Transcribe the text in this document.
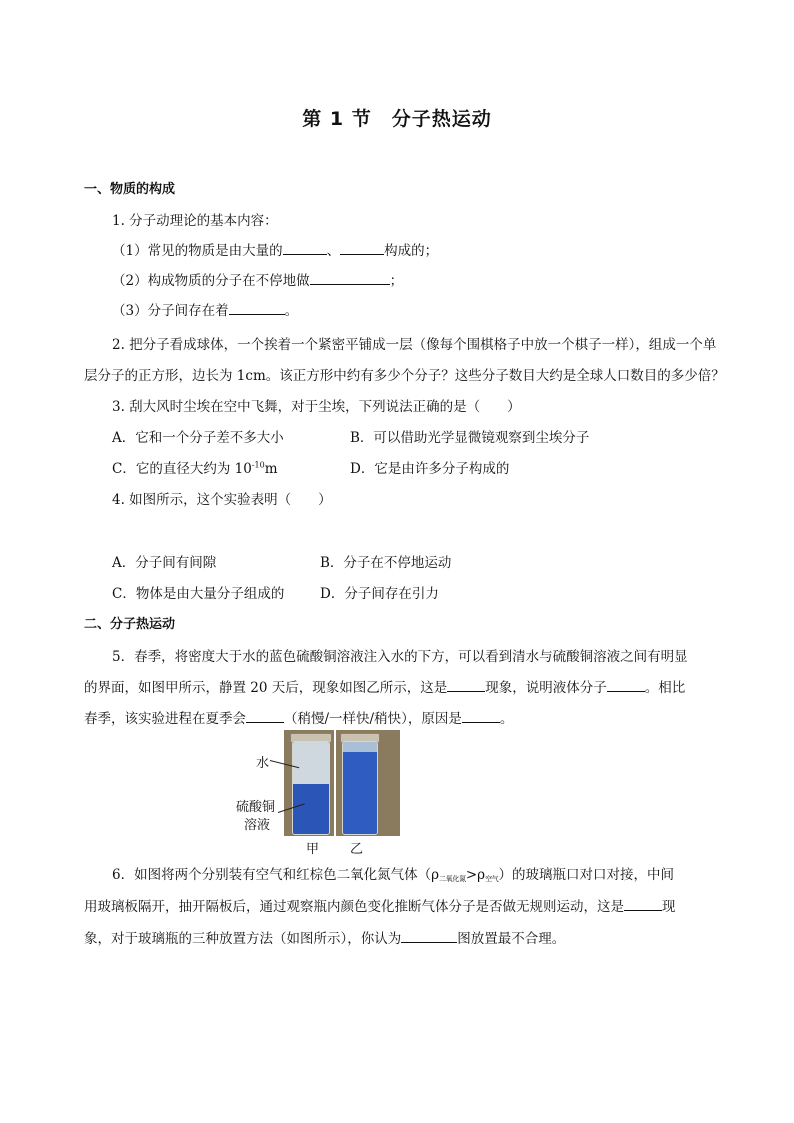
第 1 节　分子热运动
一、物质的构成
1. 分子动理论的基本内容：
（1）常见的物质是由大量的	、	构成的；
（2）构成物质的分子在不停地做	；
（3）分子间存在着	。
2. 把分子看成球体，一个挨着一个紧密平铺成一层（像每个围棋格子中放一个棋子一样），组成一个单
层分子的正方形，边长为 1cm。该正方形中约有多少个分子？这些分子数目大约是全球人口数目的多少倍？
3. 刮大风时尘埃在空中飞舞，对于尘埃，下列说法正确的是（　　）
A．它和一个分子差不多大小	B．可以借助光学显微镜观察到尘埃分子
C．它的直径大约为 $10^{-10}m$	D．它是由许多分子构成的
4. 如图所示，这个实验表明（　　）
A．分子间有间隙	B．分子在不停地运动
C．物体是由大量分子组成的	D．分子间存在引力
二、分子热运动
5．春季，将密度大于水的蓝色硫酸铜溶液注入水的下方，可以看到清水与硫酸铜溶液之间有明显
的界面，如图甲所示，静置 20 天后，现象如图乙所示，这是	现象，说明液体分子	。相比
春季，该实验进程在夏季会	（稍慢/一样快/稍快），原因是	。
水
硫酸铜
溶液
甲 乙
6．如图将两个分别装有空气和红棕色二氧化氮气体$(\rho_{二氧化氮}>\rho_{空气})$的玻璃瓶口对口对接，中间
用玻璃板隔开，抽开隔板后，通过观察瓶内颜色变化推断气体分子是否做无规则运动，这是	现
象，对于玻璃瓶的三种放置方法（如图所示），你认为	图放置最不合理。
